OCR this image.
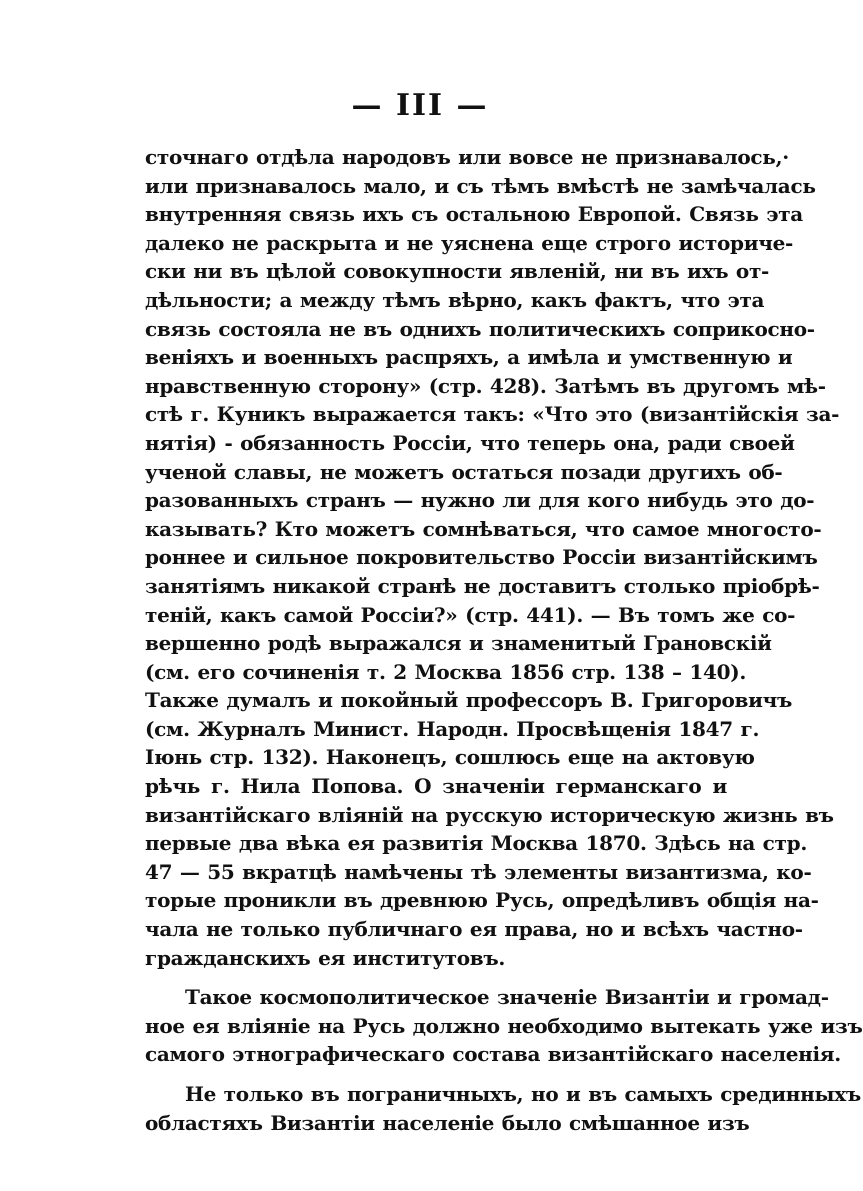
— III —
сточнаго отдѣла народовъ или вовсе не признавалось,·
или признавалось мало, и съ тѣмъ вмѣстѣ не замѣчалась
внутренняя связь ихъ съ остальною Европой. Связь эта
далеко не раскрыта и не уяснена еще строго историче-
ски ни въ цѣлой совокупности явленій, ни въ ихъ от-
дѣльности; а между тѣмъ вѣрно, какъ фактъ, что эта
связь состояла не въ однихъ политическихъ соприкосно-
веніяхъ и военныхъ распряхъ, а имѣла и умственную и
нравственную сторону» (стр. 428). Затѣмъ въ другомъ мѣ-
стѣ г. Куникъ выражается такъ: «Что это (византійскія за-
нятія) - обязанность Россіи, что теперь она, ради своей
ученой славы, не можетъ остаться позади другихъ об-
разованныхъ странъ — нужно ли для кого нибудь это до-
казывать? Кто можетъ сомнѣваться, что самое многосто-
роннее и сильное покровительство Россіи византійскимъ
занятіямъ никакой странѣ не доставитъ столько пріобрѣ-
теній, какъ самой Россіи?» (стр. 441). — Въ томъ же со-
вершенно родѣ выражался и знаменитый Грановскій
(см. его сочиненія т. 2 Москва 1856 стр. 138 – 140).
Также думалъ и покойный профессоръ В. Григоровичъ
(см. Журналъ Минист. Народн. Просвѣщенія 1847 г.
Іюнь стр. 132). Наконецъ, сошлюсь еще на актовую
рѣчь г. Нила Попова. О значеніи германскаго и
византійскаго вліяній на русскую историческую жизнь въ
первые два вѣка ея развитія Москва 1870. Здѣсь на стр.
47 — 55 вкратцѣ намѣчены тѣ элементы византизма, ко-
торые проникли въ древнюю Русь, опредѣливъ общія на-
чала не только публичнаго ея права, но и всѣхъ частно-
гражданскихъ ея институтовъ.
Такое космополитическое значеніе Византіи и громад-
ное ея вліяніе на Русь должно необходимо вытекать уже изъ
самого этнографическаго состава византійскаго населенія.
Не только въ пограничныхъ, но и въ самыхъ срединныхъ
областяхъ Византіи населеніе было смѣшанное изъ
